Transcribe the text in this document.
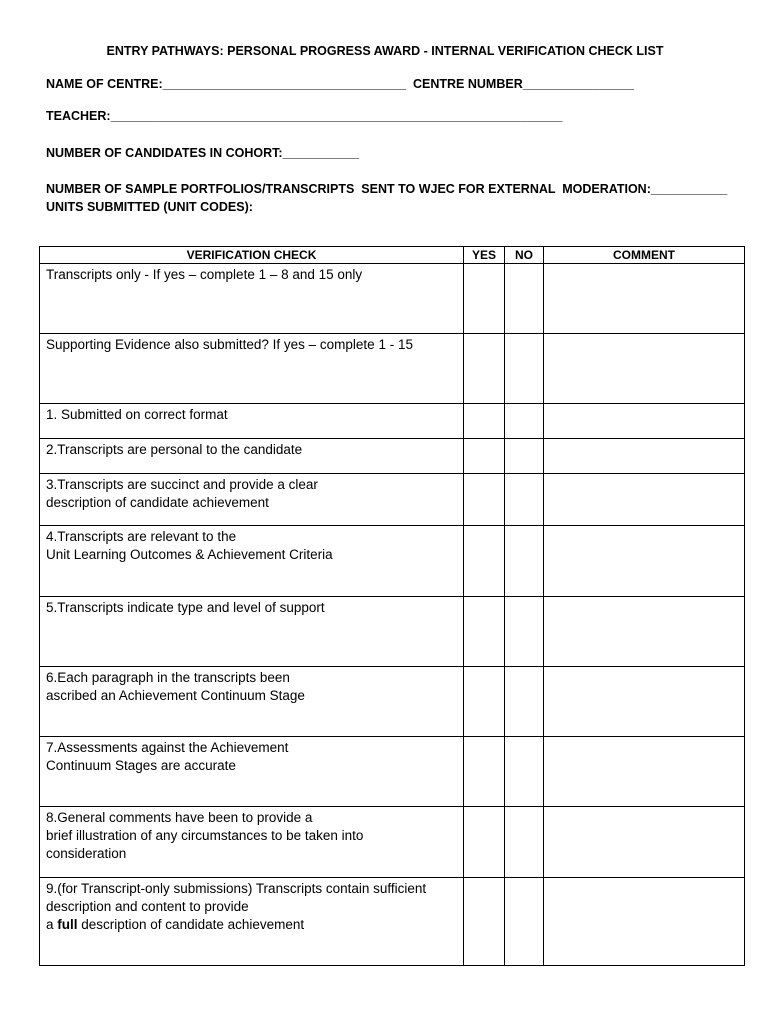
ENTRY PATHWAYS: PERSONAL PROGRESS AWARD - INTERNAL VERIFICATION CHECK LIST
NAME OF CENTRE:___________________________________ CENTRE NUMBER________________
TEACHER:_________________________________________________________________
NUMBER OF CANDIDATES IN COHORT:___________
NUMBER OF SAMPLE PORTFOLIOS/TRANSCRIPTS  SENT TO WJEC FOR EXTERNAL  MODERATION:___________
UNITS SUBMITTED (UNIT CODES):
VERIFICATION CHECK	YES	NO	COMMENT
Transcripts only - If yes – complete 1 – 8 and 15 only			
Supporting Evidence also submitted? If yes – complete 1 - 15			
1. Submitted on correct format			
2.Transcripts are personal to the candidate			
3.Transcripts are succinct and provide a clear
description of candidate achievement			
4.Transcripts are relevant to the
Unit Learning Outcomes & Achievement Criteria			
5.Transcripts indicate type and level of support			
6.Each paragraph in the transcripts been
ascribed an Achievement Continuum Stage			
7.Assessments against the Achievement
Continuum Stages are accurate			
8.General comments have been to provide a
brief illustration of any circumstances to be taken into
consideration			
9.(for Transcript-only submissions) Transcripts contain sufficient
description and content to provide
a full description of candidate achievement			
